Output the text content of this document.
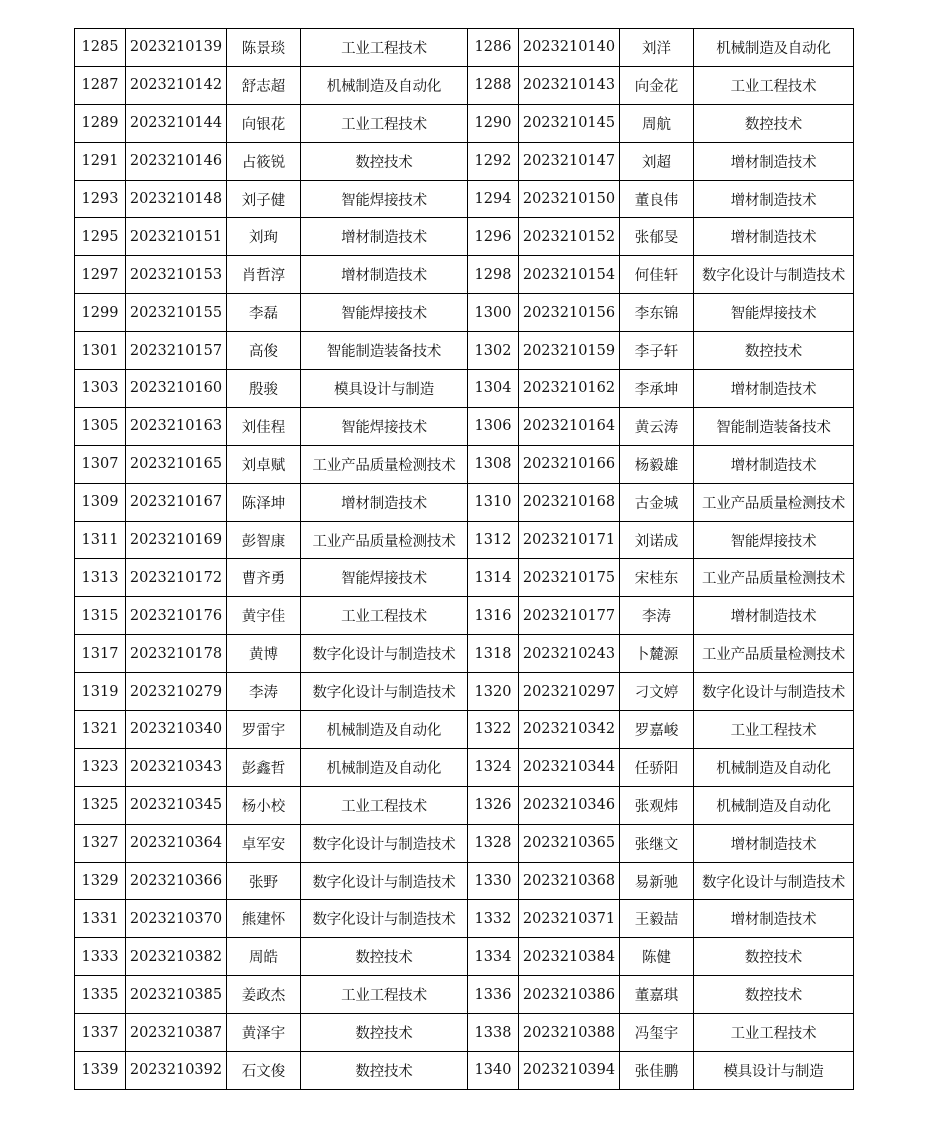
1285	2023210139	陈景琰	工业工程技术	1286	2023210140	刘洋	机械制造及自动化
1287	2023210142	舒志超	机械制造及自动化	1288	2023210143	向金花	工业工程技术
1289	2023210144	向银花	工业工程技术	1290	2023210145	周航	数控技术
1291	2023210146	占筱锐	数控技术	1292	2023210147	刘超	增材制造技术
1293	2023210148	刘子健	智能焊接技术	1294	2023210150	董良伟	增材制造技术
1295	2023210151	刘珣	增材制造技术	1296	2023210152	张郁旻	增材制造技术
1297	2023210153	肖哲淳	增材制造技术	1298	2023210154	何佳轩	数字化设计与制造技术
1299	2023210155	李磊	智能焊接技术	1300	2023210156	李东锦	智能焊接技术
1301	2023210157	高俊	智能制造装备技术	1302	2023210159	李子轩	数控技术
1303	2023210160	殷骏	模具设计与制造	1304	2023210162	李承坤	增材制造技术
1305	2023210163	刘佳程	智能焊接技术	1306	2023210164	黄云涛	智能制造装备技术
1307	2023210165	刘卓赋	工业产品质量检测技术	1308	2023210166	杨毅雄	增材制造技术
1309	2023210167	陈泽坤	增材制造技术	1310	2023210168	古金城	工业产品质量检测技术
1311	2023210169	彭智康	工业产品质量检测技术	1312	2023210171	刘诺成	智能焊接技术
1313	2023210172	曹齐勇	智能焊接技术	1314	2023210175	宋桂东	工业产品质量检测技术
1315	2023210176	黄宇佳	工业工程技术	1316	2023210177	李涛	增材制造技术
1317	2023210178	黄博	数字化设计与制造技术	1318	2023210243	卜麓源	工业产品质量检测技术
1319	2023210279	李涛	数字化设计与制造技术	1320	2023210297	刁文婷	数字化设计与制造技术
1321	2023210340	罗雷宇	机械制造及自动化	1322	2023210342	罗嘉峻	工业工程技术
1323	2023210343	彭鑫哲	机械制造及自动化	1324	2023210344	任骄阳	机械制造及自动化
1325	2023210345	杨小校	工业工程技术	1326	2023210346	张观炜	机械制造及自动化
1327	2023210364	卓军安	数字化设计与制造技术	1328	2023210365	张继文	增材制造技术
1329	2023210366	张野	数字化设计与制造技术	1330	2023210368	易新驰	数字化设计与制造技术
1331	2023210370	熊建怀	数字化设计与制造技术	1332	2023210371	王毅喆	增材制造技术
1333	2023210382	周皓	数控技术	1334	2023210384	陈健	数控技术
1335	2023210385	姜政杰	工业工程技术	1336	2023210386	董嘉琪	数控技术
1337	2023210387	黄泽宇	数控技术	1338	2023210388	冯玺宇	工业工程技术
1339	2023210392	石文俊	数控技术	1340	2023210394	张佳鹏	模具设计与制造
